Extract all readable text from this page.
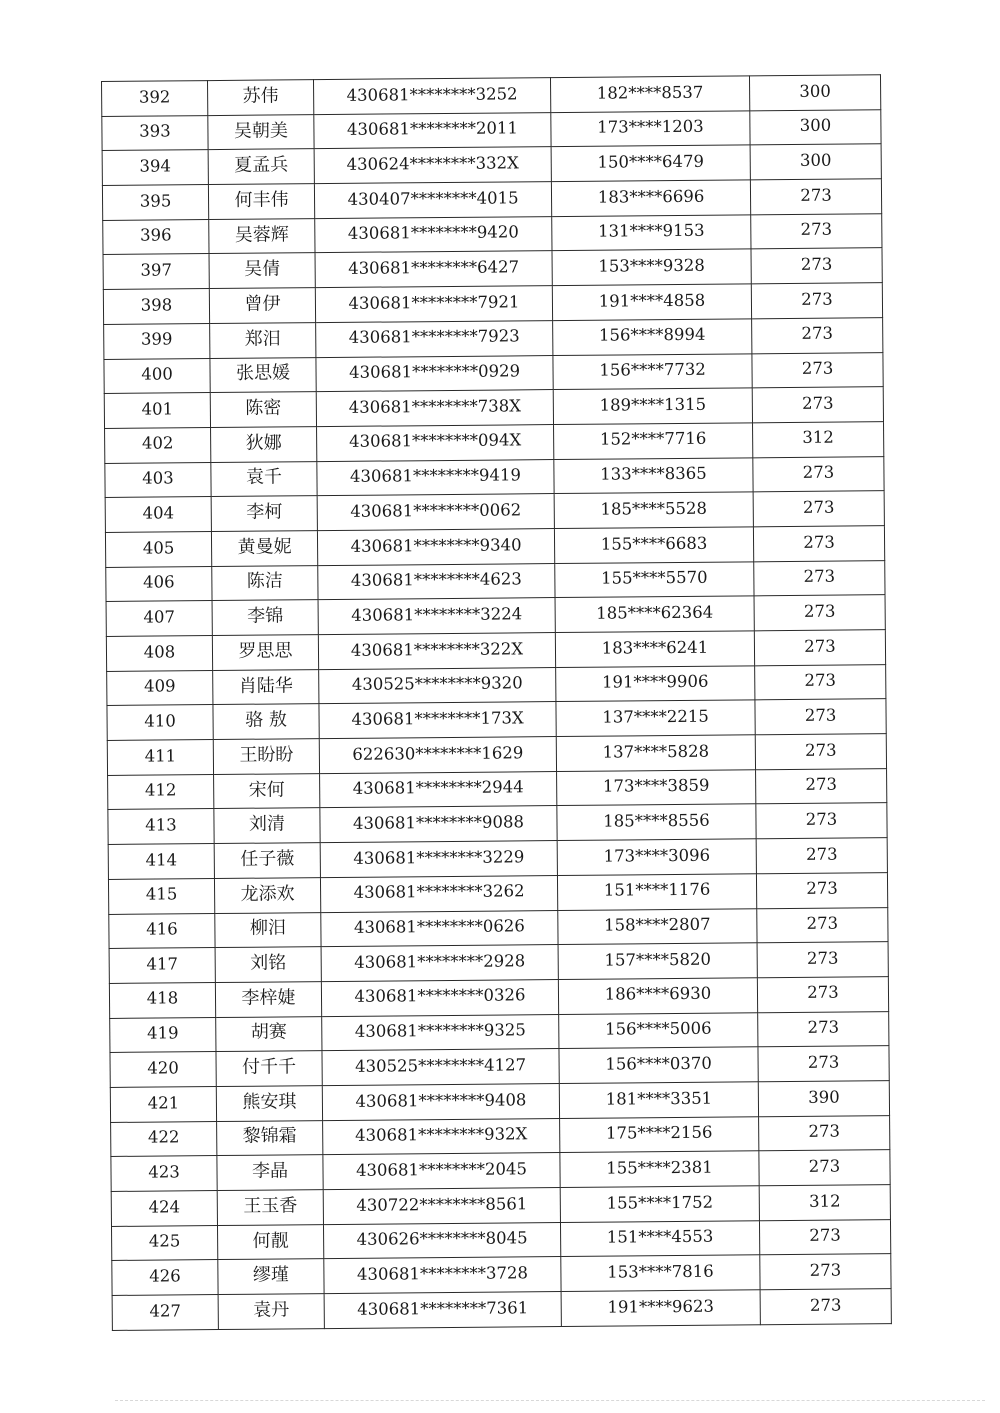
392	苏伟	430681********3252	182****8537	300
393	吴朝美	430681********2011	173****1203	300
394	夏孟兵	430624********332X	150****6479	300
395	何丰伟	430407********4015	183****6696	273
396	吴蓉辉	430681********9420	131****9153	273
397	吴倩	430681********6427	153****9328	273
398	曾伊	430681********7921	191****4858	273
399	郑汨	430681********7923	156****8994	273
400	张思媛	430681********0929	156****7732	273
401	陈密	430681********738X	189****1315	273
402	狄娜	430681********094X	152****7716	312
403	袁千	430681********9419	133****8365	273
404	李柯	430681********0062	185****5528	273
405	黄曼妮	430681********9340	155****6683	273
406	陈洁	430681********4623	155****5570	273
407	李锦	430681********3224	185****62364	273
408	罗思思	430681********322X	183****6241	273
409	肖陆华	430525********9320	191****9906	273
410	骆 敖	430681********173X	137****2215	273
411	王盼盼	622630********1629	137****5828	273
412	宋何	430681********2944	173****3859	273
413	刘清	430681********9088	185****8556	273
414	任子薇	430681********3229	173****3096	273
415	龙添欢	430681********3262	151****1176	273
416	柳汨	430681********0626	158****2807	273
417	刘铭	430681********2928	157****5820	273
418	李梓婕	430681********0326	186****6930	273
419	胡赛	430681********9325	156****5006	273
420	付千千	430525********4127	156****0370	273
421	熊安琪	430681********9408	181****3351	390
422	黎锦霜	430681********932X	175****2156	273
423	李晶	430681********2045	155****2381	273
424	王玉香	430722********8561	155****1752	312
425	何靓	430626********8045	151****4553	273
426	缪瑾	430681********3728	153****7816	273
427	袁丹	430681********7361	191****9623	273
